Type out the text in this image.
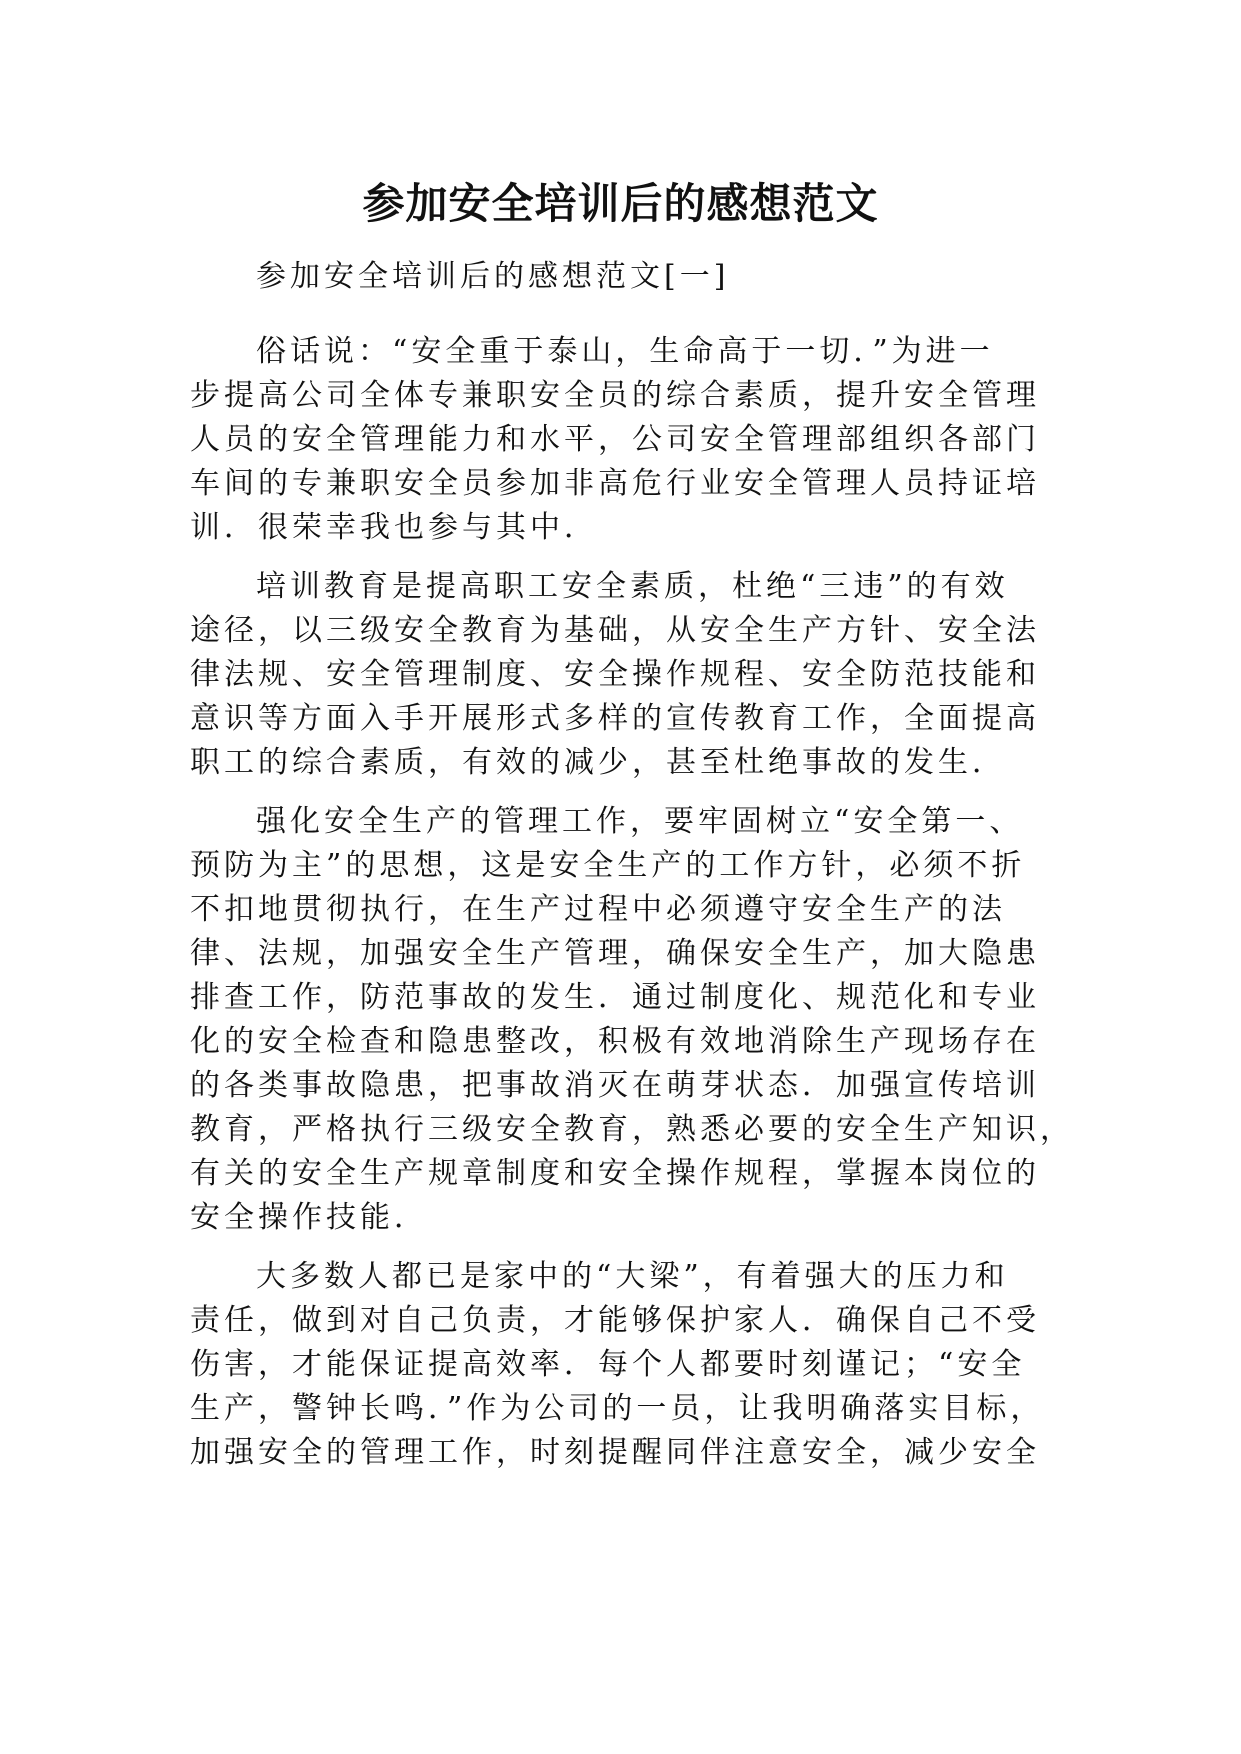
参加安全培训后的感想范文
参加安全培训后的感想范文[一]
俗话说：“安全重于泰山，生命高于一切．”为进一
步提高公司全体专兼职安全员的综合素质，提升安全管理
人员的安全管理能力和水平，公司安全管理部组织各部门
车间的专兼职安全员参加非高危行业安全管理人员持证培
训．很荣幸我也参与其中．
培训教育是提高职工安全素质，杜绝“三违”的有效
途径，以三级安全教育为基础，从安全生产方针、安全法
律法规、安全管理制度、安全操作规程、安全防范技能和
意识等方面入手开展形式多样的宣传教育工作，全面提高
职工的综合素质，有效的减少，甚至杜绝事故的发生．
强化安全生产的管理工作，要牢固树立“安全第一、
预防为主”的思想，这是安全生产的工作方针，必须不折
不扣地贯彻执行，在生产过程中必须遵守安全生产的法
律、法规，加强安全生产管理，确保安全生产，加大隐患
排查工作，防范事故的发生．通过制度化、规范化和专业
化的安全检查和隐患整改，积极有效地消除生产现场存在
的各类事故隐患，把事故消灭在萌芽状态．加强宣传培训
教育，严格执行三级安全教育，熟悉必要的安全生产知识，
有关的安全生产规章制度和安全操作规程，掌握本岗位的
安全操作技能．
大多数人都已是家中的“大梁”，有着强大的压力和
责任，做到对自己负责，才能够保护家人．确保自己不受
伤害，才能保证提高效率．每个人都要时刻谨记；“安全
生产，警钟长鸣．”作为公司的一员，让我明确落实目标，
加强安全的管理工作，时刻提醒同伴注意安全，减少安全
